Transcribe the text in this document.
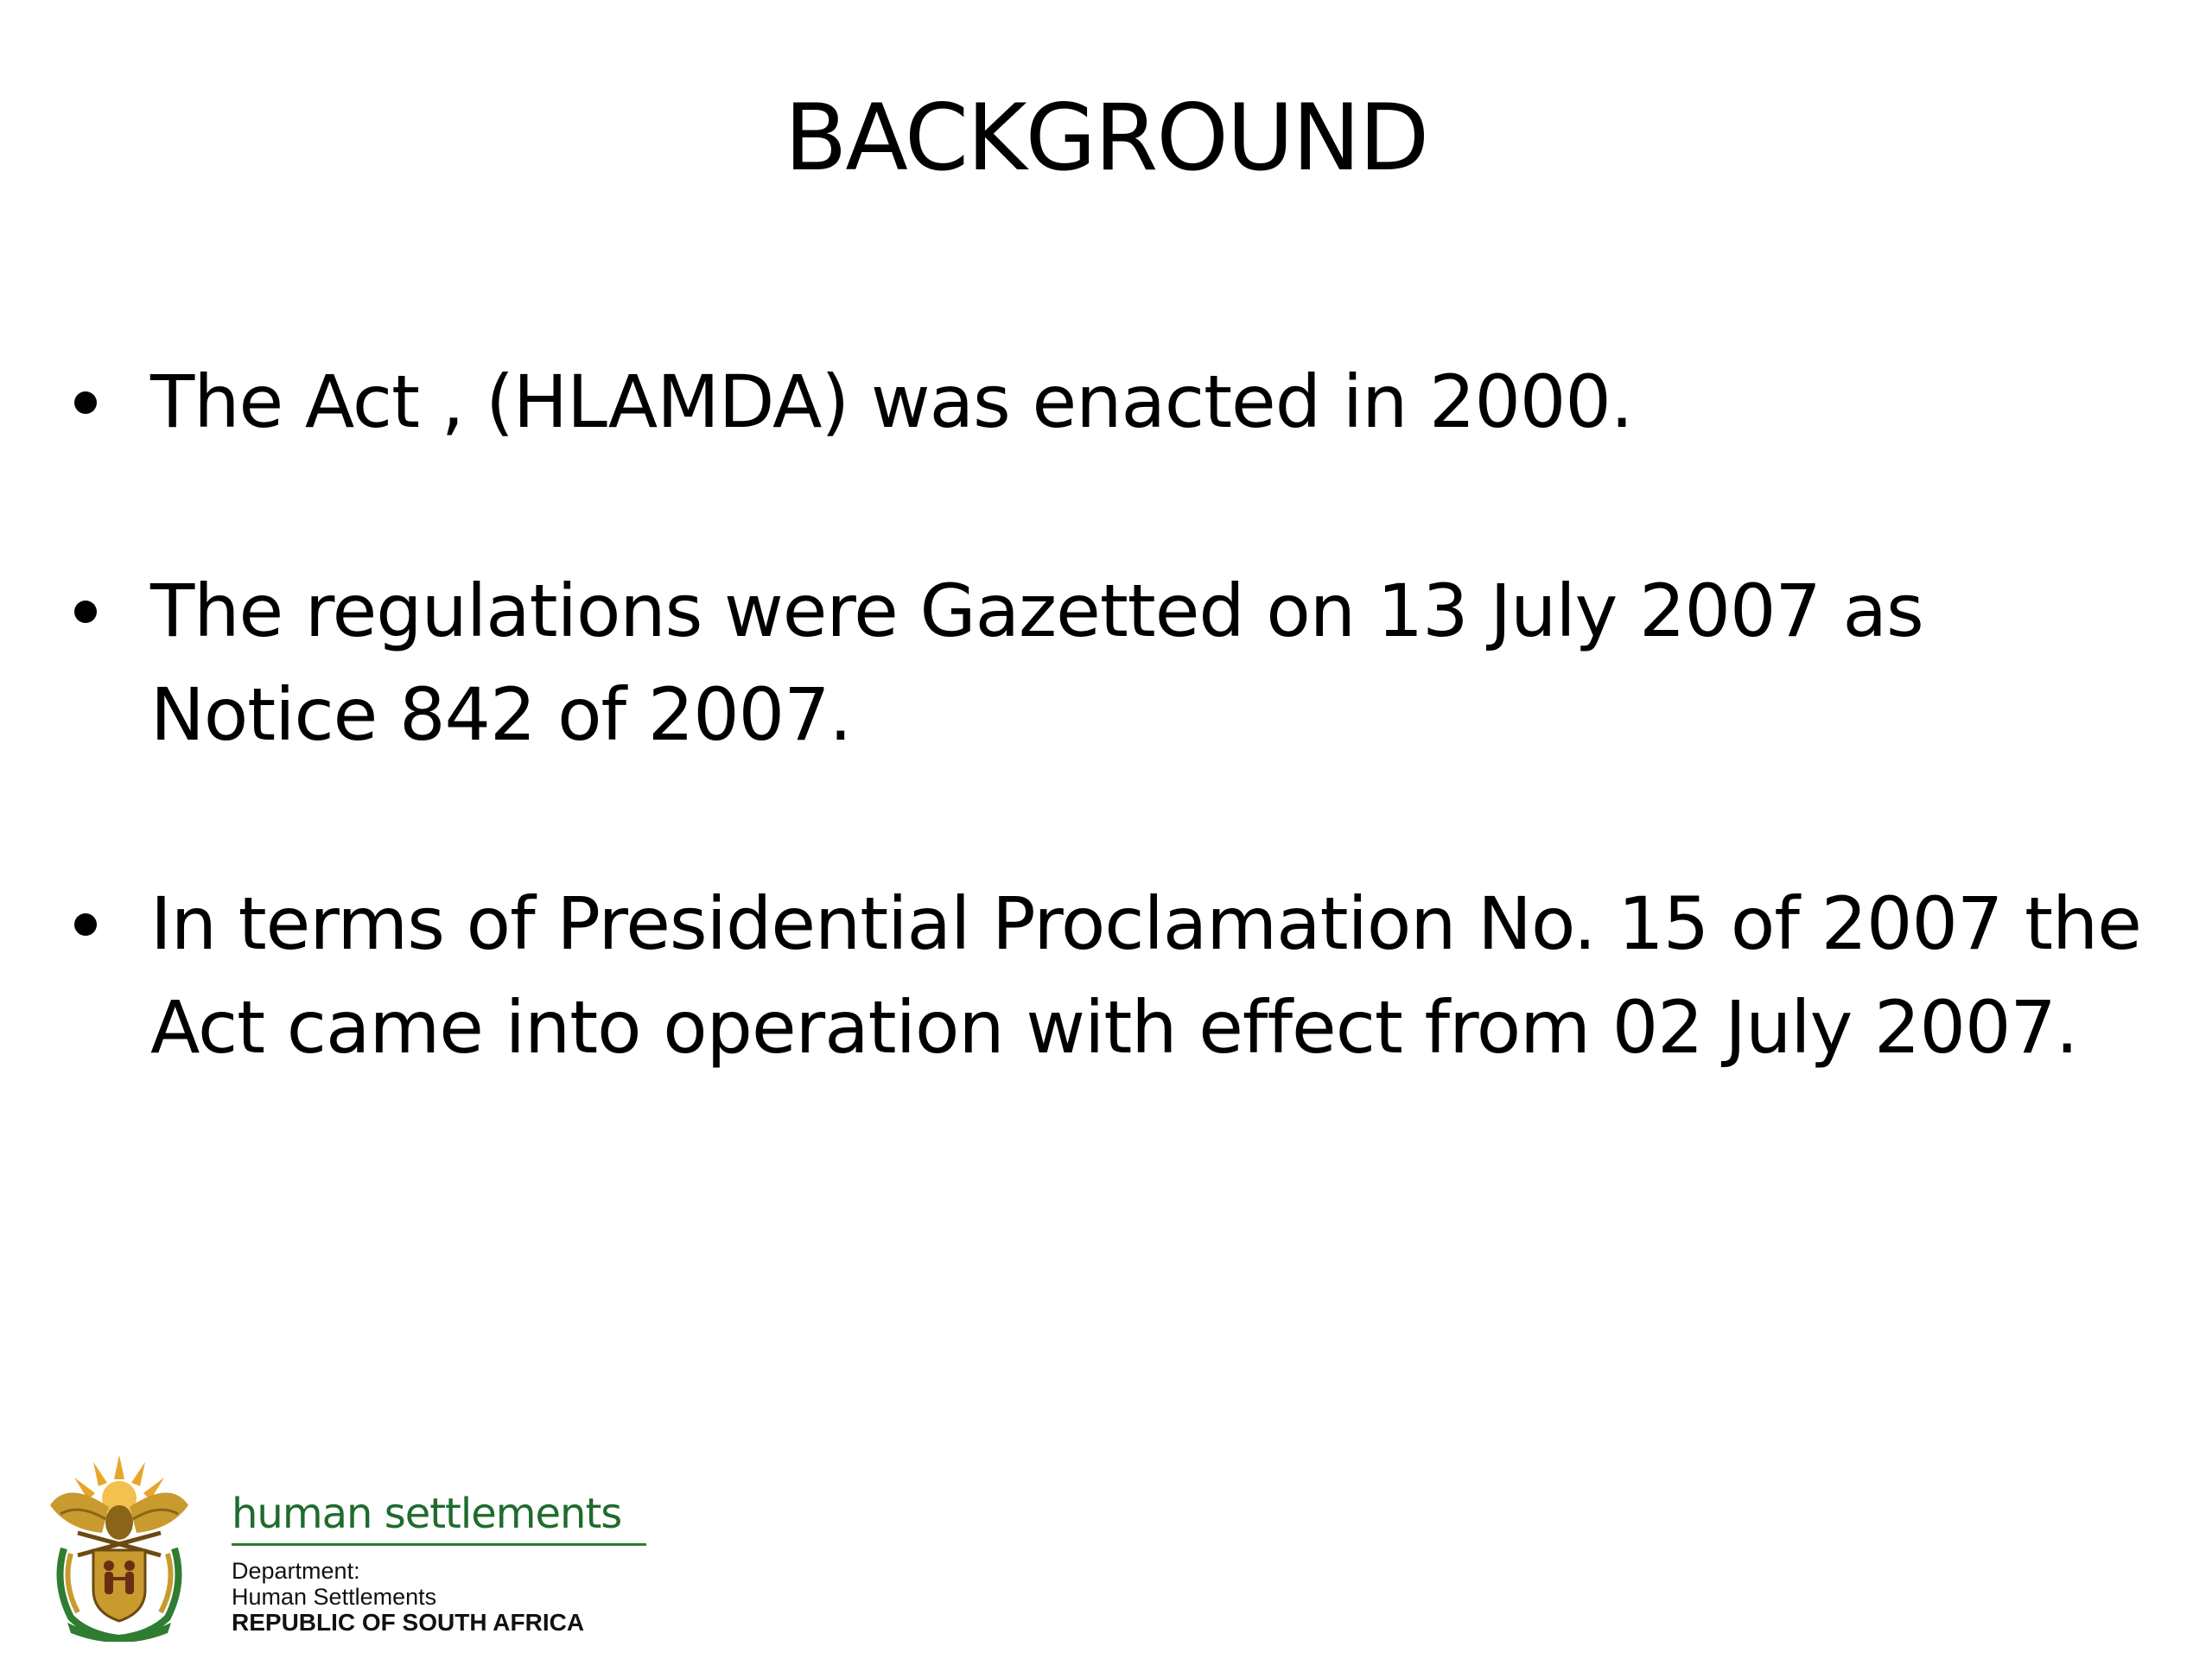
BACKGROUND
The Act , (HLAMDA) was enacted in 2000.
The regulations were Gazetted on 13 July 2007 as Notice 842 of 2007.
In terms of Presidential Proclamation No. 15 of 2007 the Act came into operation with effect from 02 July 2007.
human settlements
Department:
Human Settlements
REPUBLIC OF SOUTH AFRICA
